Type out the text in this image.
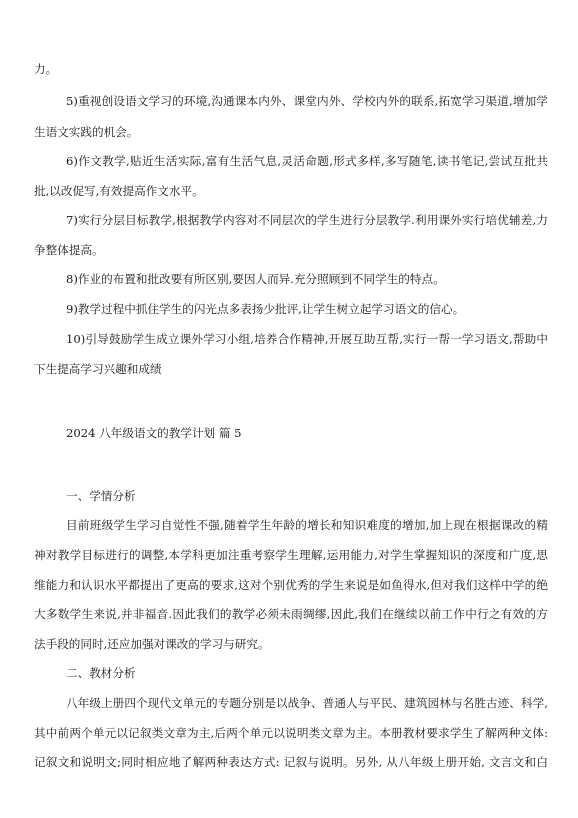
力。
5)重视创设语文学习的环境,沟通课本内外、课堂内外、学校内外的联系,拓宽学习渠道,增加学
生语文实践的机会。
6)作文教学,贴近生活实际,富有生活气息,灵活命题,形式多样,多写随笔,读书笔记,尝试互批共
批,以改促写,有效提高作文水平。
7)实行分层目标教学,根据教学内容对不同层次的学生进行分层教学.利用课外实行培优辅差,力
争整体提高。
8)作业的布置和批改要有所区别,要因人而异.充分照顾到不同学生的特点。
9)教学过程中抓住学生的闪光点多表扬少批评,让学生树立起学习语文的信心。
10)引导鼓励学生成立课外学习小组,培养合作精神,开展互助互帮,实行一帮一学习语文,帮助中
下生提高学习兴趣和成绩
2024 八年级语文的教学计划 篇 5
一、学情分析
目前班级学生学习自觉性不强,随着学生年龄的增长和知识难度的增加,加上现在根据课改的精
神对教学目标进行的调整,本学科更加注重考察学生理解,运用能力,对学生掌握知识的深度和广度,思
维能力和认识水平都提出了更高的要求,这对个别优秀的学生来说是如鱼得水,但对我们这样中学的绝
大多数学生来说,并非福音.因此我们的教学必须未雨绸缪,因此,我们在继续以前工作中行之有效的方
法手段的同时,还应加强对课改的学习与研究。
二、教材分析
八年级上册四个现代文单元的专题分别是以战争、普通人与平民、建筑园林与名胜古迹、科学,
其中前两个单元以记叙类文章为主,后两个单元以说明类文章为主。本册教材要求学生了解两种文体:
记叙文和说明文;同时相应地了解两种表达方式: 记叙与说明。另外, 从八年级上册开始, 文言文和白
